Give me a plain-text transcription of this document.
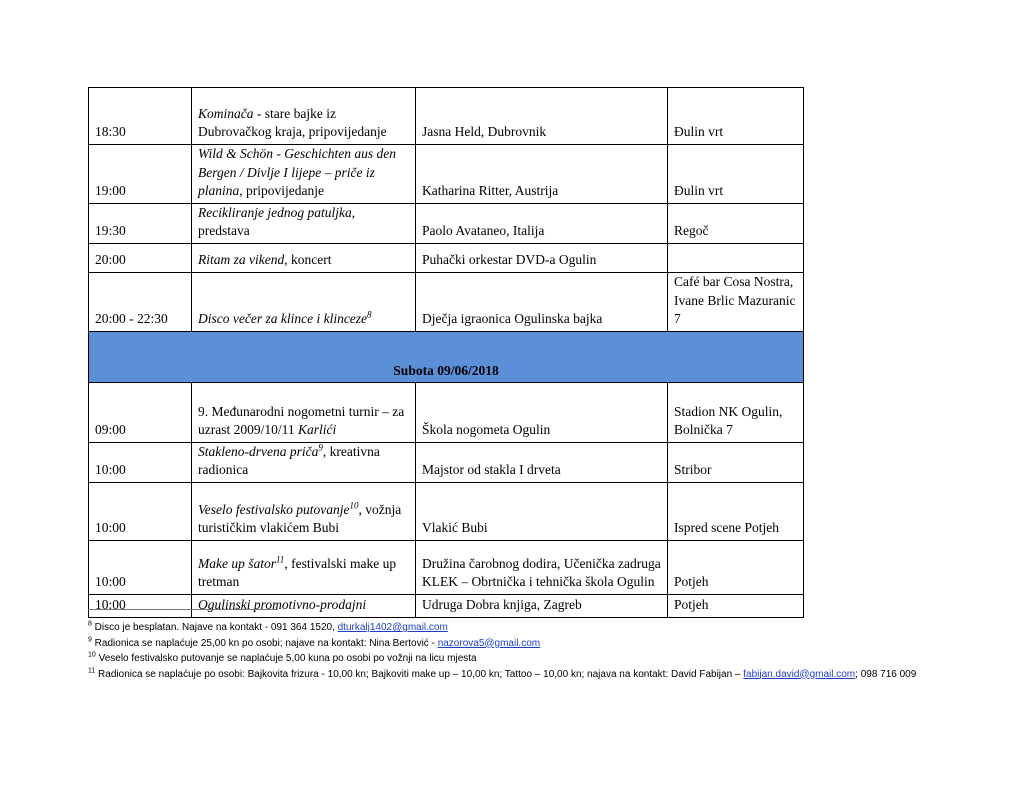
18:30	Kominača - stare bajke iz Dubrovačkog kraja, pripovijedanje	Jasna Held, Dubrovnik	Đulin vrt
19:00	Wild & Schön - Geschichten aus den Bergen / Divlje I lijepe – priče iz planina, pripovijedanje	Katharina Ritter, Austrija	Đulin vrt
19:30	Recikliranje jednog patuljka, predstava	Paolo Avataneo, Italija	Regoč
20:00	Ritam za vikend, koncert	Puhački orkestar DVD-a Ogulin	
20:00 - 22:30	Disco večer za klince i klinceze$^8$	Dječja igraonica Ogulinska bajka	Café bar Cosa Nostra, Ivane Brlic Mazuranic 7
Subota 09/06/2018			
09:00	9. Međunarodni nogometni turnir – za uzrast 2009/10/11 Karlići	Škola nogometa Ogulin	Stadion NK Ogulin, Bolnička 7
10:00	Stakleno-drvena priča$^9$, kreativna radionica	Majstor od stakla I drveta	Stribor
10:00	Veselo festivalsko putovanje$^{10}$, vožnja turističkim vlakićem Bubi	Vlakić Bubi	Ispred scene Potjeh
10:00	Make up šator$^{11}$, festivalski make up tretman	Družina čarobnog dodira, Učenička zadruga KLEK – Obrtnička i tehnička škola Ogulin	Potjeh
10:00	Ogulinski promotivno-prodajni	Udruga Dobra knjiga, Zagreb	Potjeh
$^8$ Disco je besplatan. Najave na kontakt - 091 364 1520, dturkalj1402@gmail.com
$^9$ Radionica se naplaćuje 25,00 kn po osobi; najave na kontakt: Nina Bertović - nazorova5@gmail.com
$^{10}$ Veselo festivalsko putovanje se naplaćuje 5,00 kuna po osobi po vožnji na licu mjesta
$^{11}$ Radionica se naplaćuje po osobi: Bajkovita frizura - 10,00 kn; Bajkoviti make up – 10,00 kn; Tattoo – 10,00 kn; najava na kontakt: David Fabijan – fabijan.david@gmail.com; 098 716 009
